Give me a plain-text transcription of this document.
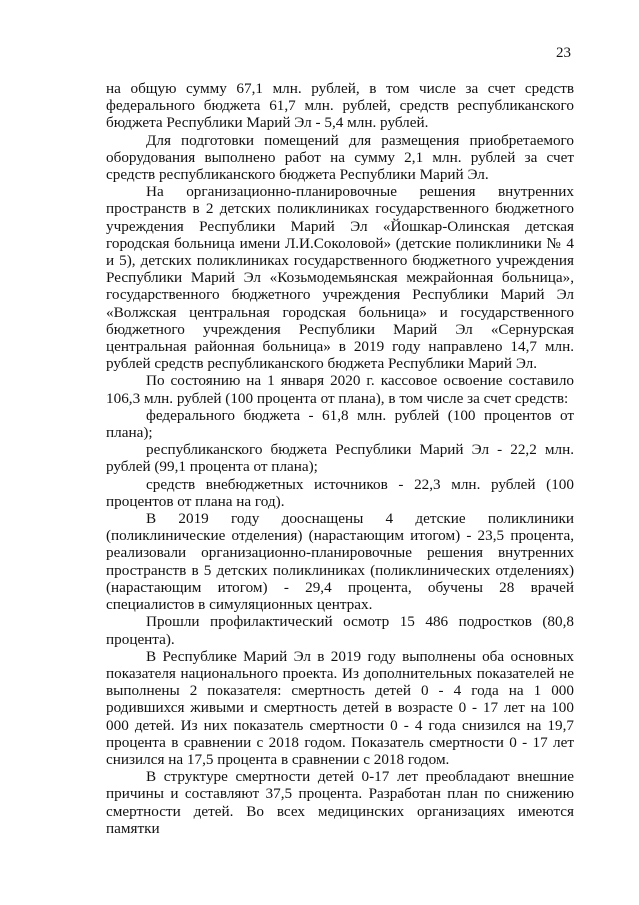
23

на общую сумму 67,1 млн. рублей, в том числе за счет средств федерального бюджета 61,7 млн. рублей, средств республиканского бюджета Республики Марий Эл - 5,4 млн. рублей.

Для подготовки помещений для размещения приобретаемого оборудования выполнено работ на сумму 2,1 млн. рублей за счет средств республиканского бюджета Республики Марий Эл.

На организационно-планировочные решения внутренних пространств в 2 детских поликлиниках государственного бюджетного учреждения Республики Марий Эл «Йошкар-Олинская детская городская больница имени Л.И.Соколовой» (детские поликлиники № 4 и 5), детских поликлиниках государственного бюджетного учреждения Республики Марий Эл «Козьмодемьянская межрайонная больница», государственного бюджетного учреждения Республики Марий Эл «Волжская центральная городская больница» и государственного бюджетного учреждения Республики Марий Эл «Сернурская центральная районная больница» в 2019 году направлено 14,7 млн. рублей средств республиканского бюджета Республики Марий Эл.

По состоянию на 1 января 2020 г. кассовое освоение составило 106,3 млн. рублей (100 процента от плана), в том числе за счет средств:

федерального бюджета - 61,8 млн. рублей (100 процентов от плана);

республиканского бюджета Республики Марий Эл - 22,2 млн. рублей (99,1 процента от плана);

средств внебюджетных источников - 22,3 млн. рублей (100 процентов от плана на год).

В 2019 году дооснащены 4 детские поликлиники (поликлинические отделения) (нарастающим итогом) - 23,5 процента, реализовали организационно-планировочные решения внутренних пространств в 5 детских поликлиниках (поликлинических отделениях) (нарастающим итогом) - 29,4 процента, обучены 28 врачей специалистов в симуляционных центрах.

Прошли профилактический осмотр 15 486 подростков (80,8 процента).

В Республике Марий Эл в 2019 году выполнены оба основных показателя национального проекта. Из дополнительных показателей не выполнены 2 показателя: смертность детей 0 - 4 года на 1 000 родившихся живыми и смертность детей в возрасте 0 - 17 лет на 100 000 детей. Из них показатель смертности 0 - 4 года снизился на 19,7 процента в сравнении с 2018 годом. Показатель смертности 0 - 17 лет снизился на 17,5 процента в сравнении с 2018 годом.

В структуре смертности детей 0-17 лет преобладают внешние причины и составляют 37,5 процента. Разработан план по снижению смертности детей. Во всех медицинских организациях имеются памятки
